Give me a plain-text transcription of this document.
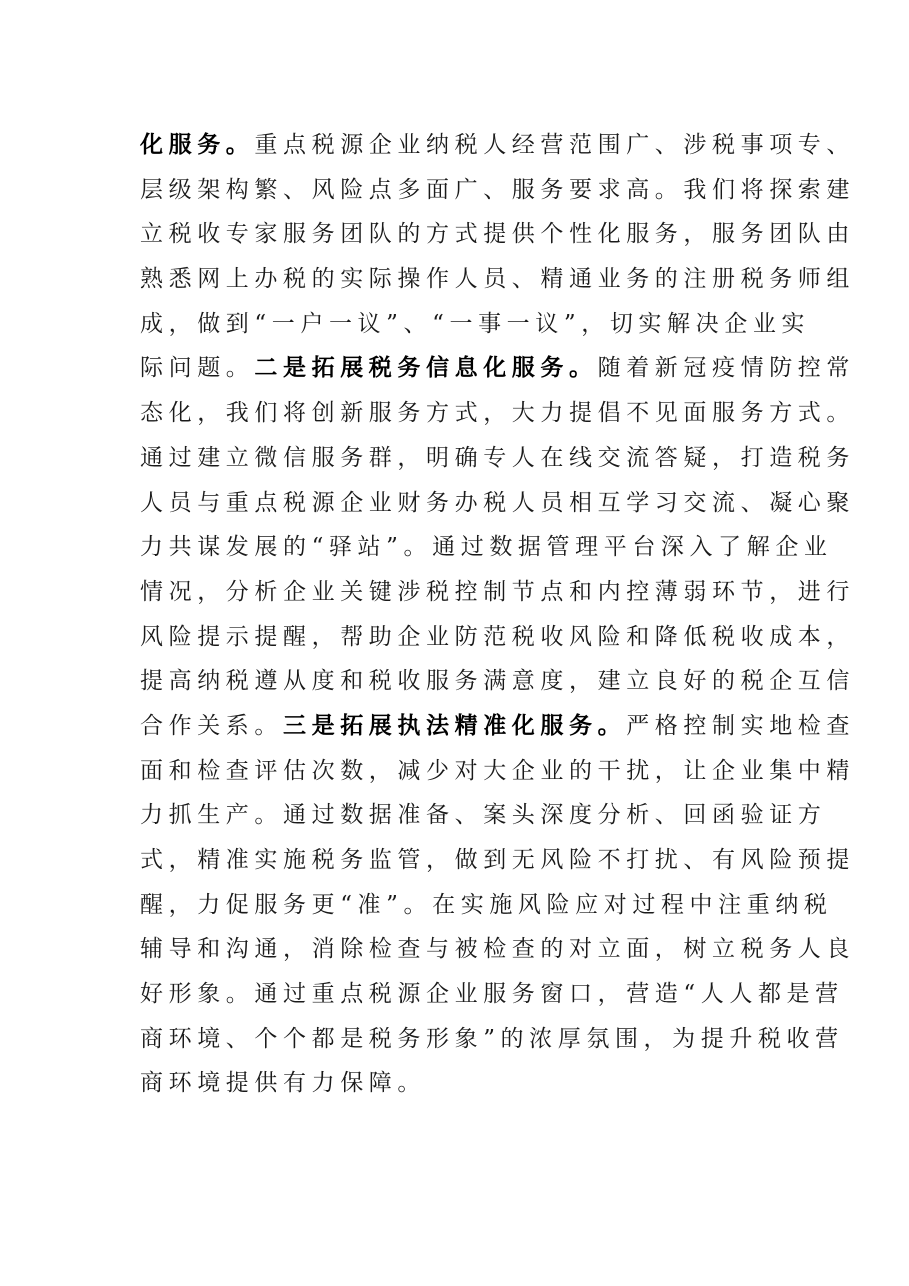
化服务。重点税源企业纳税人经营范围广、涉税事项专、
层级架构繁、风险点多面广、服务要求高。我们将探索建
立税收专家服务团队的方式提供个性化服务，服务团队由
熟悉网上办税的实际操作人员、精通业务的注册税务师组
成，做到“一户一议”、“一事一议”，切实解决企业实
际问题。二是拓展税务信息化服务。随着新冠疫情防控常
态化，我们将创新服务方式，大力提倡不见面服务方式。
通过建立微信服务群，明确专人在线交流答疑，打造税务
人员与重点税源企业财务办税人员相互学习交流、凝心聚
力共谋发展的“驿站”。通过数据管理平台深入了解企业
情况，分析企业关键涉税控制节点和内控薄弱环节，进行
风险提示提醒，帮助企业防范税收风险和降低税收成本，
提高纳税遵从度和税收服务满意度，建立良好的税企互信
合作关系。三是拓展执法精准化服务。严格控制实地检查
面和检查评估次数，减少对大企业的干扰，让企业集中精
力抓生产。通过数据准备、案头深度分析、回函验证方
式，精准实施税务监管，做到无风险不打扰、有风险预提
醒，力促服务更“准”。在实施风险应对过程中注重纳税
辅导和沟通，消除检查与被检查的对立面，树立税务人良
好形象。通过重点税源企业服务窗口，营造“人人都是营
商环境、个个都是税务形象”的浓厚氛围，为提升税收营
商环境提供有力保障。
